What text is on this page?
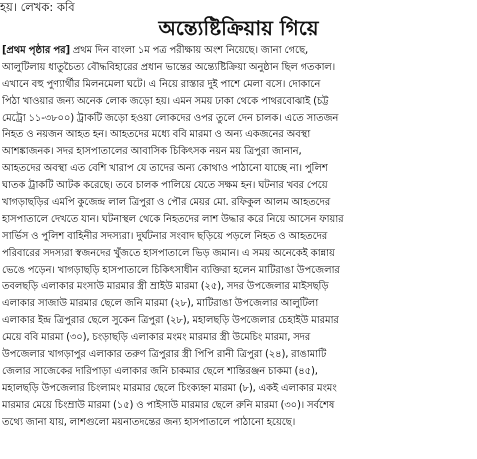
হয়। লেখক: কবি
অন্ত্যেষ্টিক্রিয়ায় গিয়ে
[প্রথম পৃষ্ঠার পর] প্রথম দিন বাংলা ১ম পত্র পরীক্ষায় অংশ নিয়েছে। জানা গেছে,
আলুটিলায় ধাতুচৈত্য বৌদ্ধবিহারের প্রধান ভান্তের অন্ত্যেষ্টিক্রিয়া অনুষ্ঠান ছিল গতকাল।
এখানে বহু পুণ্যার্থীর মিলনমেলা ঘটে। এ নিয়ে রাস্তার দুই পাশে মেলা বসে। দোকানে
পিঠা খাওয়ার জন্য অনেক লোক জড়ো হয়। এমন সময় ঢাকা থেকে পাথরবোঝাই (চট্ট
মেট্রো ১১-৩৮০০) ট্রাকটি জড়ো হওয়া লোকদের ওপর তুলে দেন চালক। এতে সাতজন
নিহত ও নয়জন আহত হন। আহতদের মধ্যে ববি মারমা ও অন্য একজনের অবস্থা
আশঙ্কাজনক। সদর হাসপাতালের আবাসিক চিকিৎসক নয়ন ময় ত্রিপুরা জানান,
আহতদের অবস্থা এত বেশি খারাপ যে তাদের অন্য কোথাও পাঠানো যাচ্ছে না। পুলিশ
ঘাতক ট্রাকটি আটক করেছে। তবে চালক পালিয়ে যেতে সক্ষম হন। ঘটনার খবর পেয়ে
খাগড়াছড়ির এমপি কুজেন্দ্র লাল ত্রিপুরা ও পৌর মেয়র মো. রফিকুল আলম আহতদের
হাসপাতালে দেখতে যান। ঘটনাস্থল থেকে নিহতদের লাশ উদ্ধার করে নিয়ে আসেন ফায়ার
সার্ভিস ও পুলিশ বাহিনীর সদস্যরা। দুর্ঘটনার সংবাদ ছড়িয়ে পড়লে নিহত ও আহতদের
পরিবারের সদস্যরা স্বজনদের খুঁজতে হাসপাতালে ভিড় জমান। এ সময় অনেকেই কান্নায়
ভেঙে পড়েন। খাগড়াছড়ি হাসপাতালে চিকিৎসাধীন ব্যক্তিরা হলেন মাটিরাঙা উপজেলার
তবলছড়ি এলাকার মংসাউ মারমার স্ত্রী ম্রাইউ মারমা (২৫), সদর উপজেলার মাইসছড়ি
এলাকার সাজাউ মারমার ছেলে জনি মারমা (২৮), মাটিরাঙা উপজেলার আলুটিলা
এলাকার ইন্দ্র ত্রিপুরার ছেলে সুকেন ত্রিপুরা (২৮), মহালছড়ি উপজেলার চেহাইউ মারমার
মেয়ে ববি মারমা (৩০), চংড়াছড়ি এলাকার মংমং মারমার স্ত্রী উমেচিং মারমা, সদর
উপজেলার খাগড়াপুর এলাকার তরুণ ত্রিপুরার স্ত্রী পিপি রানী ত্রিপুরা (২৪), রাঙামাটি
জেলার সাজেকের দারিপাড়া এলাকার জনি চাকমার ছেলে শান্তিরঞ্জন চাকমা (৪৫),
মহালছড়ি উপজেলার চিংলামং মারমার ছেলে চিংক্যহ্না মারমা (৮), একই এলাকার মংমং
মারমার মেয়ে চিংম্রাউ মারমা (১৫) ও পাইসাউ মারমার ছেলে রুনি মারমা (৩০)। সর্বশেষ
তথ্যে জানা যায়, লাশগুলো ময়নাতদন্তের জন্য হাসপাতালে পাঠানো হয়েছে।
